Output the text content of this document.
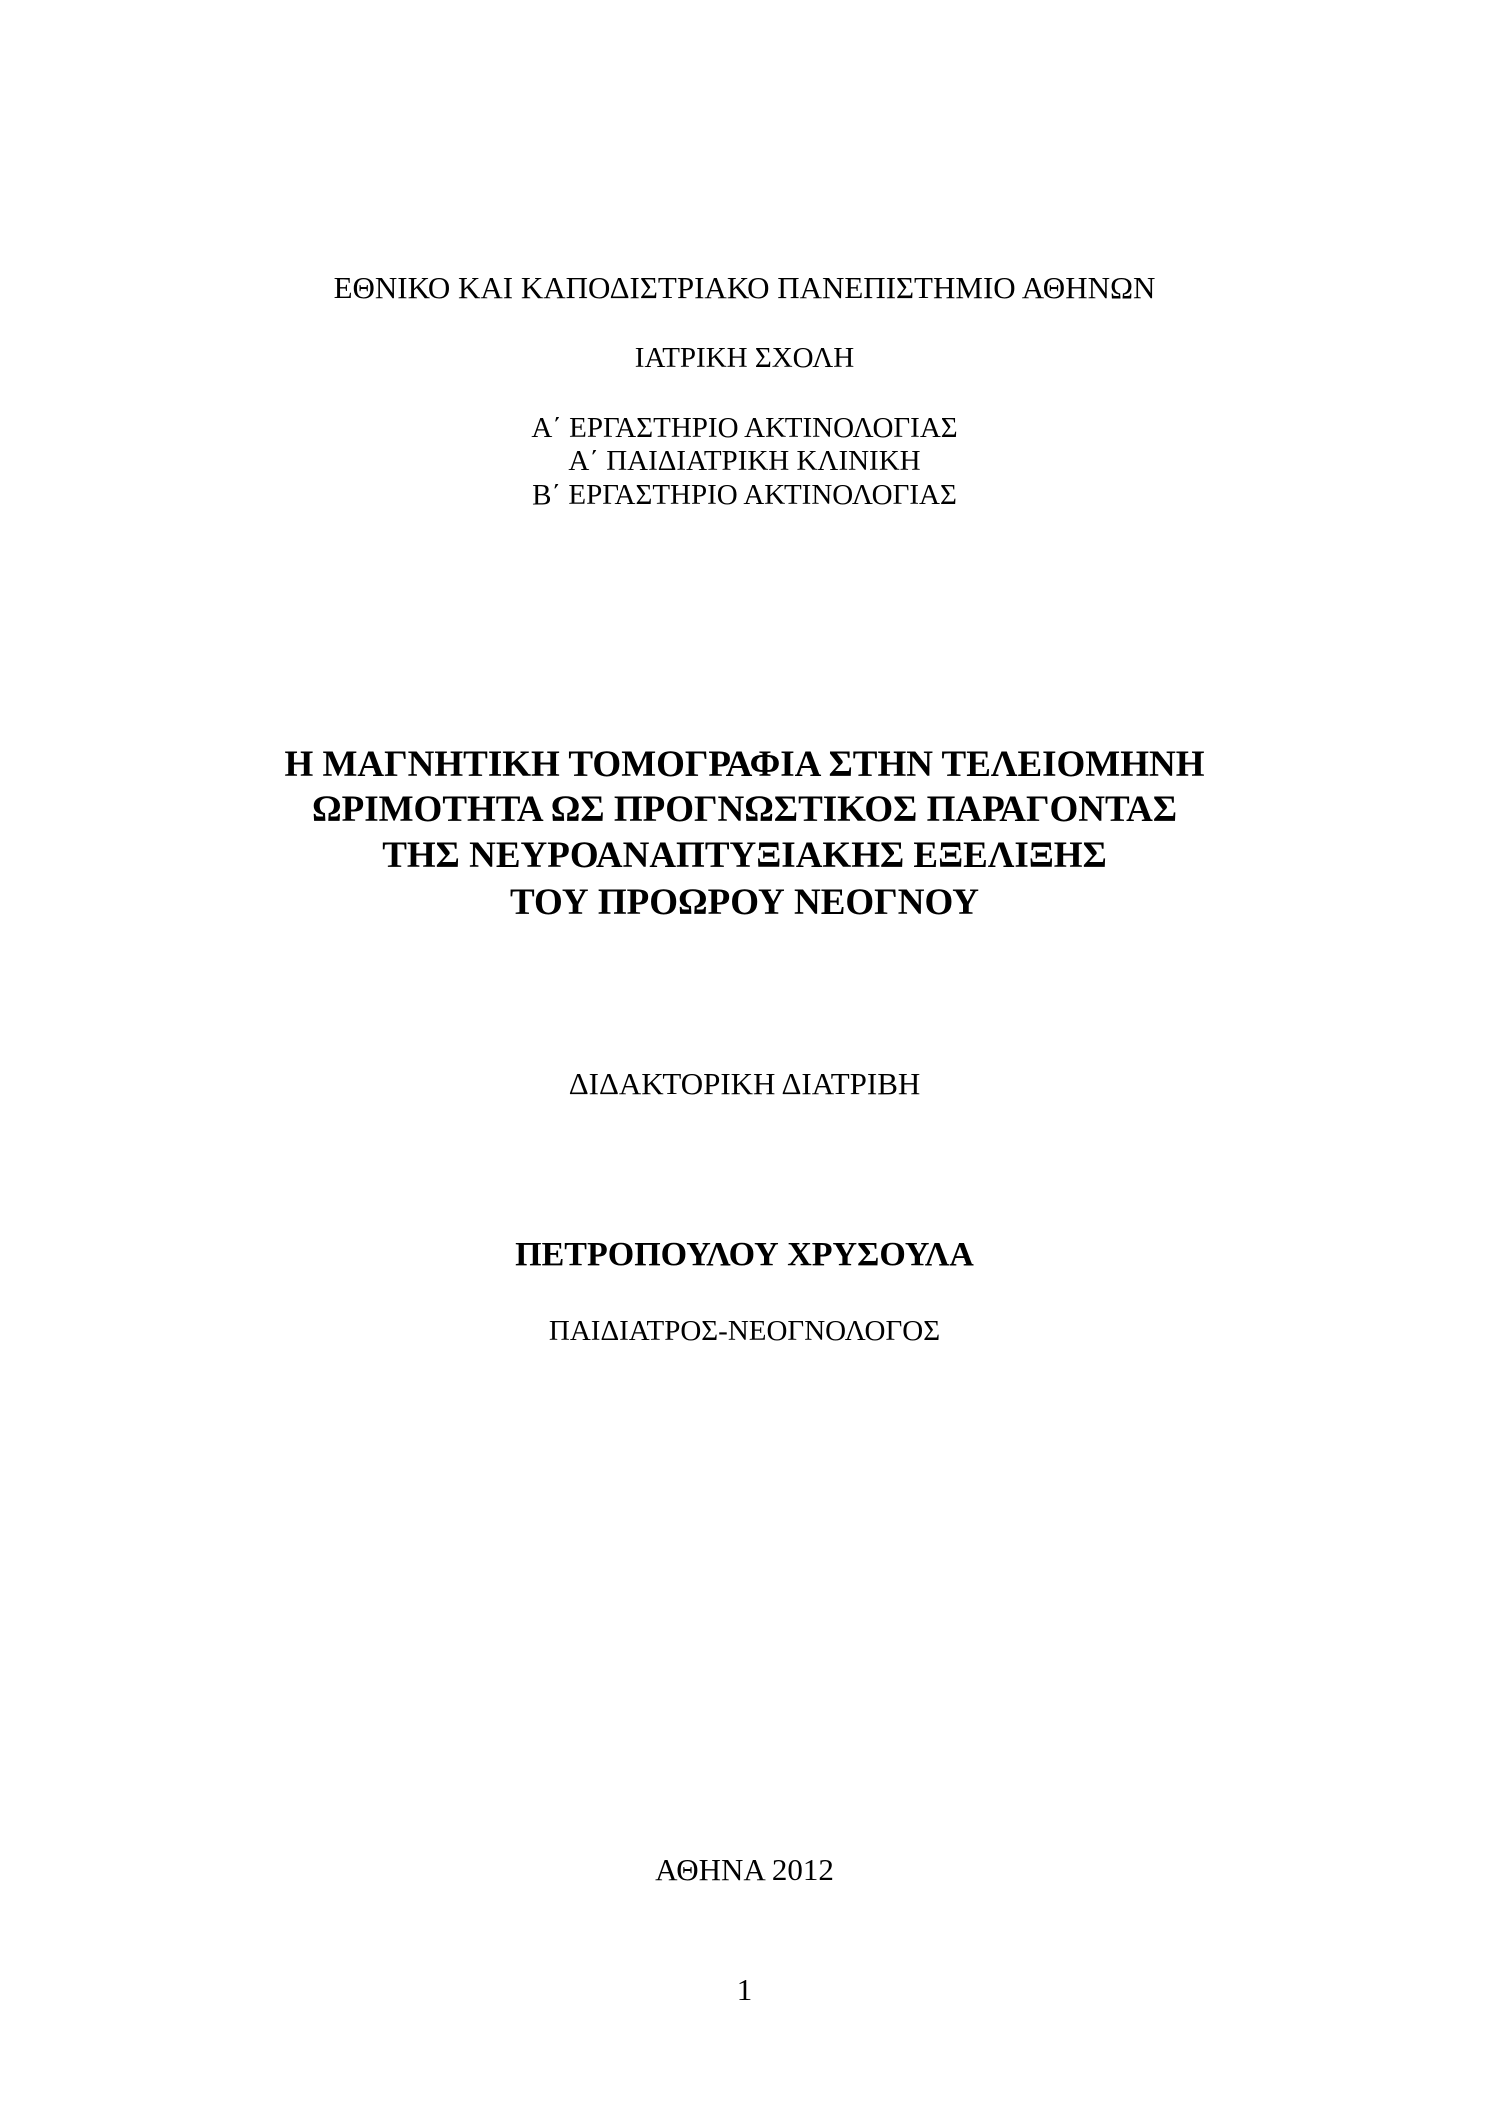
ΕΘΝΙΚΟ ΚΑΙ ΚΑΠΟΔΙΣΤΡΙΑΚΟ ΠΑΝΕΠΙΣΤΗΜΙΟ ΑΘΗΝΩΝ
ΙΑΤΡΙΚΗ ΣΧΟΛΗ
Α΄ ΕΡΓΑΣΤΗΡΙΟ ΑΚΤΙΝΟΛΟΓΙΑΣ
Α΄ ΠΑΙΔΙΑΤΡΙΚΗ ΚΛΙΝΙΚΗ
Β΄ ΕΡΓΑΣΤΗΡΙΟ ΑΚΤΙΝΟΛΟΓΙΑΣ
Η ΜΑΓΝΗΤΙΚΗ ΤΟΜΟΓΡΑΦΙΑ ΣΤΗΝ ΤΕΛΕΙΟΜΗΝΗ
ΩΡΙΜΟΤΗΤΑ ΩΣ ΠΡΟΓΝΩΣΤΙΚΟΣ ΠΑΡΑΓΟΝΤΑΣ
ΤΗΣ ΝΕΥΡΟΑΝΑΠΤΥΞΙΑΚΗΣ ΕΞΕΛΙΞΗΣ
ΤΟΥ ΠΡΟΩΡΟΥ ΝΕΟΓΝΟΥ
ΔΙΔΑΚΤΟΡΙΚΗ ΔΙΑΤΡΙΒΗ
ΠΕΤΡΟΠΟΥΛΟΥ ΧΡΥΣΟΥΛΑ
ΠΑΙΔΙΑΤΡΟΣ-ΝΕΟΓΝΟΛΟΓΟΣ
ΑΘΗΝΑ 2012
1
